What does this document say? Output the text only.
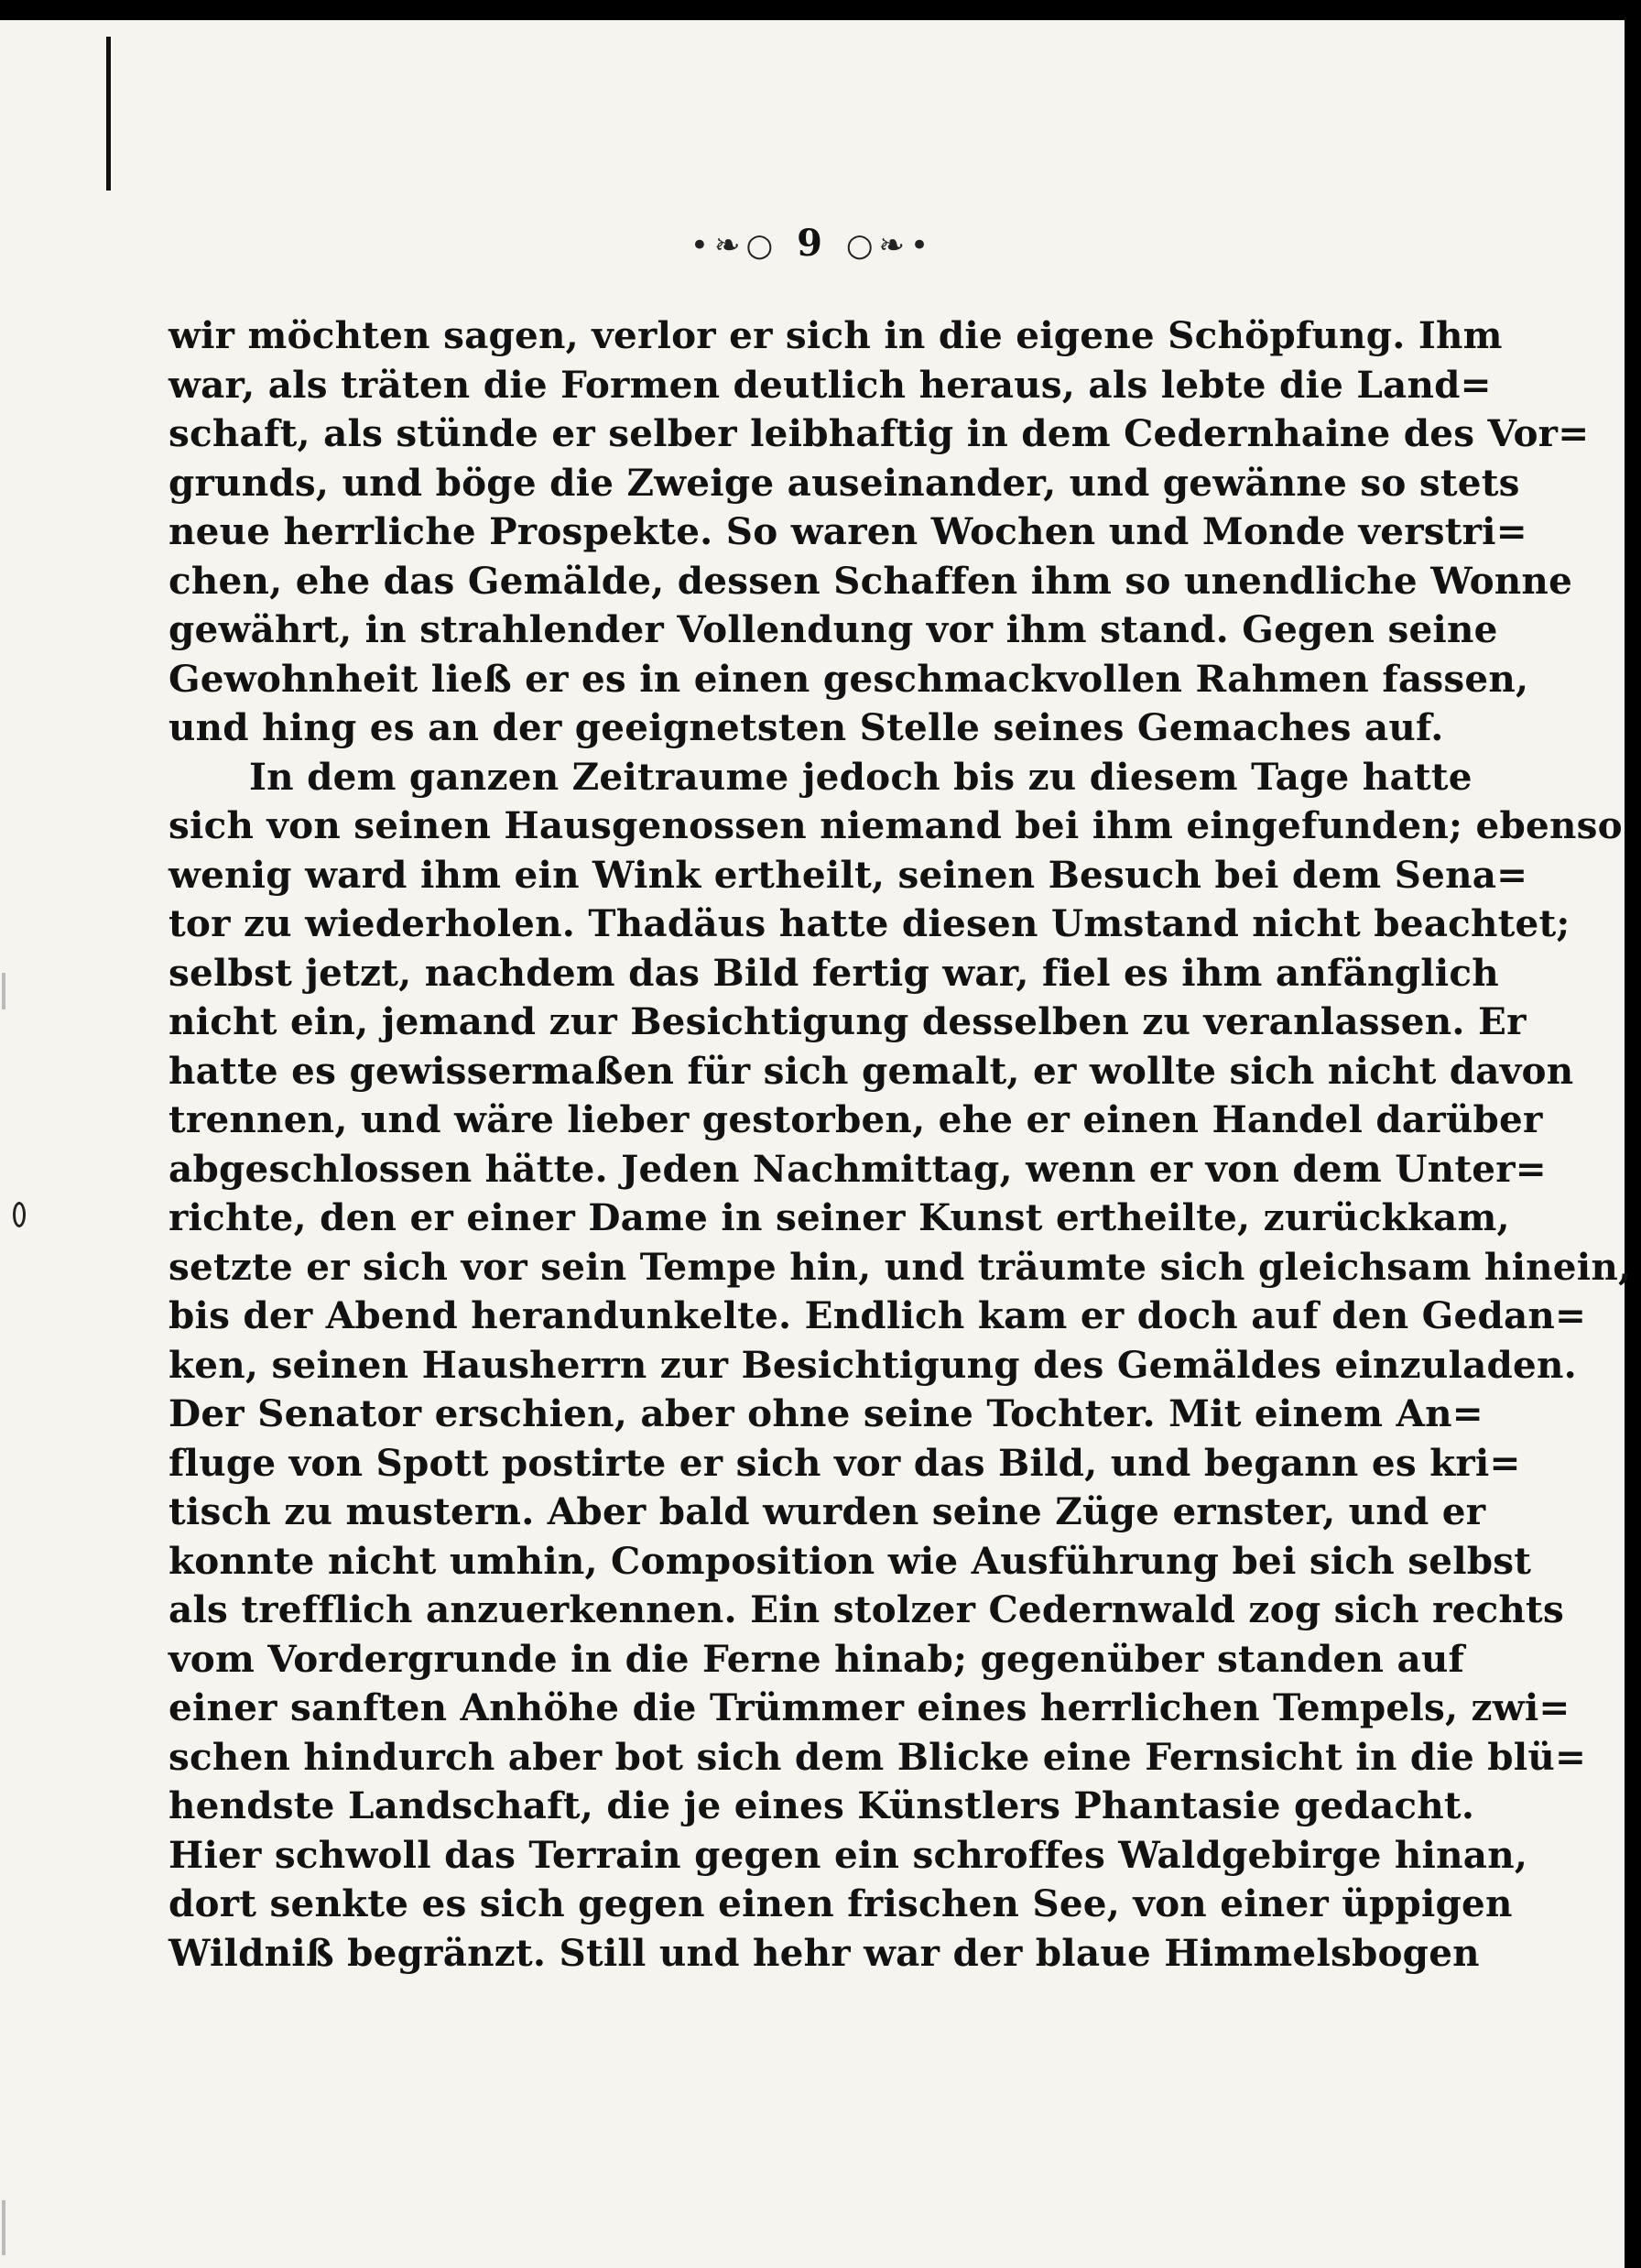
•❧○ 9 ○❧•
wir möchten sagen, verlor er sich in die eigene Schöpfung. Ihm
war, als träten die Formen deutlich heraus, als lebte die Land=
schaft, als stünde er selber leibhaftig in dem Cedernhaine des Vor=
grunds, und böge die Zweige auseinander, und gewänne so stets
neue herrliche Prospekte. So waren Wochen und Monde verstri=
chen, ehe das Gemälde, dessen Schaffen ihm so unendliche Wonne
gewährt, in strahlender Vollendung vor ihm stand. Gegen seine
Gewohnheit ließ er es in einen geschmackvollen Rahmen fassen,
und hing es an der geeignetsten Stelle seines Gemaches auf.
In dem ganzen Zeitraume jedoch bis zu diesem Tage hatte
sich von seinen Hausgenossen niemand bei ihm eingefunden; ebenso
wenig ward ihm ein Wink ertheilt, seinen Besuch bei dem Sena=
tor zu wiederholen. Thadäus hatte diesen Umstand nicht beachtet;
selbst jetzt, nachdem das Bild fertig war, fiel es ihm anfänglich
nicht ein, jemand zur Besichtigung desselben zu veranlassen. Er
hatte es gewissermaßen für sich gemalt, er wollte sich nicht davon
trennen, und wäre lieber gestorben, ehe er einen Handel darüber
abgeschlossen hätte. Jeden Nachmittag, wenn er von dem Unter=
richte, den er einer Dame in seiner Kunst ertheilte, zurückkam,
setzte er sich vor sein Tempe hin, und träumte sich gleichsam hinein,
bis der Abend herandunkelte. Endlich kam er doch auf den Gedan=
ken, seinen Hausherrn zur Besichtigung des Gemäldes einzuladen.
Der Senator erschien, aber ohne seine Tochter. Mit einem An=
fluge von Spott postirte er sich vor das Bild, und begann es kri=
tisch zu mustern. Aber bald wurden seine Züge ernster, und er
konnte nicht umhin, Composition wie Ausführung bei sich selbst
als trefflich anzuerkennen. Ein stolzer Cedernwald zog sich rechts
vom Vordergrunde in die Ferne hinab; gegenüber standen auf
einer sanften Anhöhe die Trümmer eines herrlichen Tempels, zwi=
schen hindurch aber bot sich dem Blicke eine Fernsicht in die blü=
hendste Landschaft, die je eines Künstlers Phantasie gedacht.
Hier schwoll das Terrain gegen ein schroffes Waldgebirge hinan,
dort senkte es sich gegen einen frischen See, von einer üppigen
Wildniß begränzt. Still und hehr war der blaue Himmelsbogen
